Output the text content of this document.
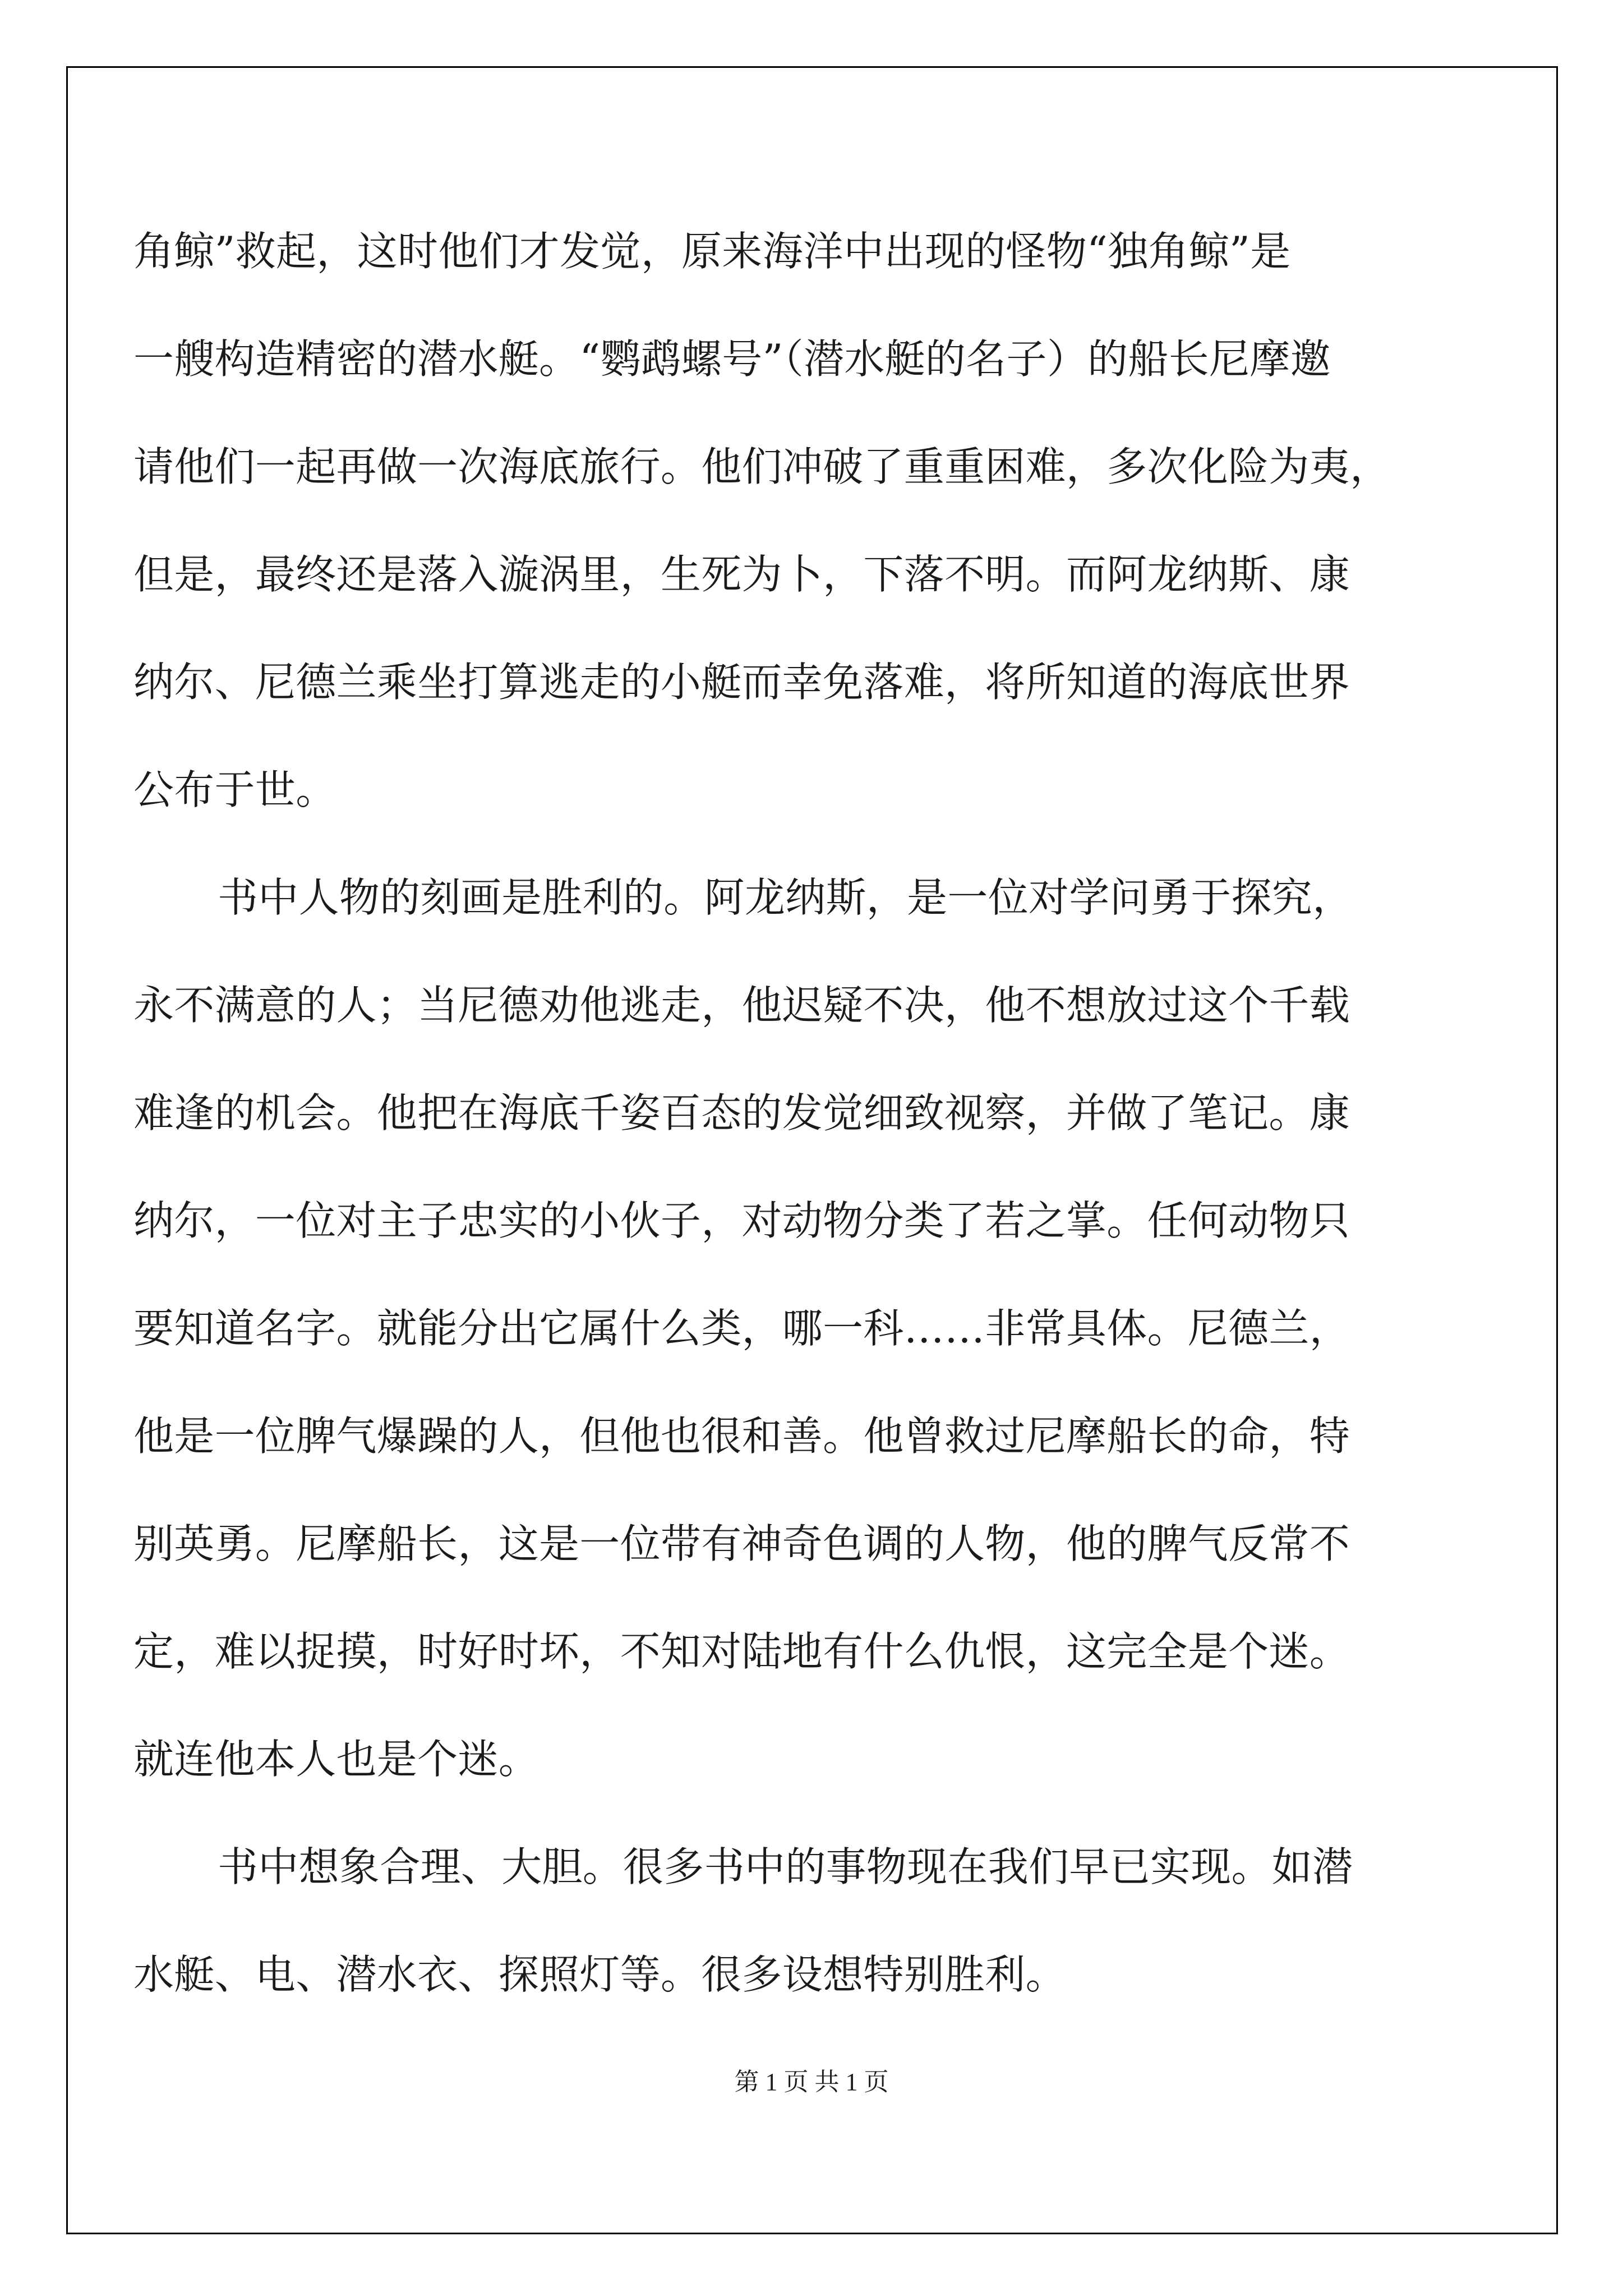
角鲸”救起，这时他们才发觉，原来海洋中出现的怪物“独角鲸”是
一艘构造精密的潜水艇。“鹦鹉螺号”（潜水艇的名子）的船长尼摩邀
请他们一起再做一次海底旅行。他们冲破了重重困难，多次化险为夷，
但是，最终还是落入漩涡里，生死为卜，下落不明。而阿龙纳斯、康
纳尔、尼德兰乘坐打算逃走的小艇而幸免落难，将所知道的海底世界
公布于世。
书中人物的刻画是胜利的。阿龙纳斯，是一位对学问勇于探究，
永不满意的人；当尼德劝他逃走，他迟疑不决，他不想放过这个千载
难逢的机会。他把在海底千姿百态的发觉细致视察，并做了笔记。康
纳尔，一位对主子忠实的小伙子，对动物分类了若之掌。任何动物只
要知道名字。就能分出它属什么类，哪一科……非常具体。尼德兰，
他是一位脾气爆躁的人，但他也很和善。他曾救过尼摩船长的命，特
别英勇。尼摩船长，这是一位带有神奇色调的人物，他的脾气反常不
定，难以捉摸，时好时坏，不知对陆地有什么仇恨，这完全是个迷。
就连他本人也是个迷。
书中想象合理、大胆。很多书中的事物现在我们早已实现。如潜
水艇、电、潜水衣、探照灯等。很多设想特别胜利。
第 1 页 共 1 页
